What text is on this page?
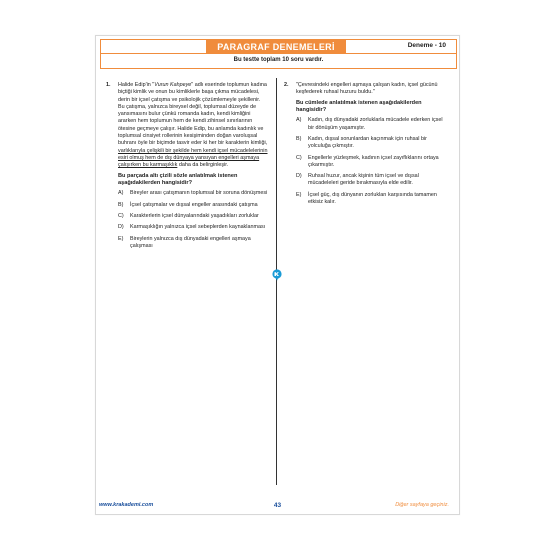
PARAGRAF DENEMELERİ	Deneme - 10
Bu testte toplam 10 soru vardır.
1. Halide Edip'in "Vurun Kahpeye" adlı eserinde toplumun kadına biçtiği kimlik ve onun bu kimliklerle başa çıkma mücadelesi, derin bir içsel çatışma ve psikolojik çözümlemeyle şekillenir. Bu çatışma, yalnızca bireysel değil, toplumsal düzeyde de yansımasını bulur çünkü romanda kadın, kendi kimliğini ararken hem toplumun hem de kendi zihinsel sınırlarının ötesine geçmeye çalışır. Halide Edip, bu anlamda kadınlık ve toplumsal cinsiyet rollerinin kesişiminden doğan varoluşsal buhranı öyle bir biçimde tasvir eder ki her bir karakterin kimliği, varlıklarıyla çelişkili bir şekilde hem kendi içsel mücadelelerinin esiri olmuş hem de dış dünyaya yansıyan engelleri aşmaya çalışırken bu karmaşıklık daha da belirginleşir.

Bu parçada altı çizili sözle anlatılmak istenen aşağıdakilerden hangisidir?
A) Bireyler arası çatışmanın toplumsal bir soruna dönüşmesi
B) İçsel çatışmalar ve dışsal engeller arasındaki çatışma
C) Karakterlerin içsel dünyalarındaki yaşadıkları zorluklar
D) Karmaşıklığın yalnızca içsel sebeplerden kaynaklanması
E) Bireylerin yalnızca dış dünyadaki engelleri aşmaya çalışması
2. "Çevresindeki engelleri aşmaya çalışan kadın, içsel gücünü keşfederek ruhsal huzuru buldu."
Bu cümlede anlatılmak istenen aşağıdakilerden hangisidir?
A) Kadın, dış dünyadaki zorluklarla mücadele ederken içsel bir dönüşüm yaşamıştır.
B) Kadın, dışsal sorunlardan kaçınmak için ruhsal bir yolculuğa çıkmıştır.
C) Engellerle yüzleşmek, kadının içsel zayıflıklarını ortaya çıkarmıştır.
D) Ruhsal huzur, ancak kişinin tüm içsel ve dışsal mücadeleleri geride bırakmasıyla elde edilir.
E) İçsel güç, dış dünyanın zorlukları karşısında tamamen etkisiz kalır.
www.krakademi.com	43	Diğer sayfaya geçiniz.
